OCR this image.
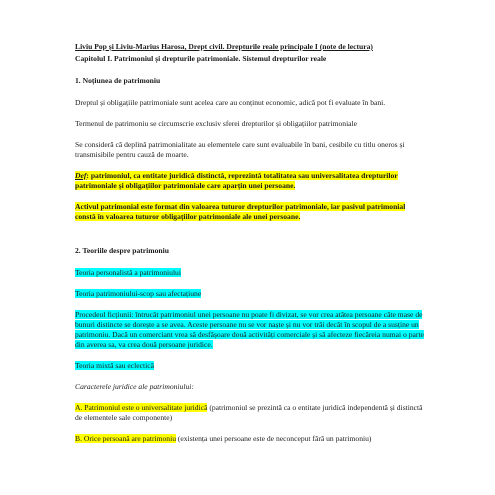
Liviu Pop și Liviu-Marius Harosa, Drept civil. Drepturile reale principale I (note de lectura)

Capitolul I. Patrimoniul și drepturile patrimoniale. Sistemul drepturilor reale

1. Noțiunea de patrimoniu

Dreptul și obligațiile patrimoniale sunt acelea care au conținut economic, adică pot fi evaluate în bani.

Termenul de patrimoniu se circumscrie exclusiv sferei drepturilor și obligațiilor patrimoniale

Se consideră că deplină patrimonialitate au elementele care sunt evaluabile în bani, cesibile cu titlu oneros și transmisibile pentru cauză de moarte.

Def: patrimoniul, ca entitate juridică distinctă, reprezintă totalitatea sau universalitatea drepturilor patrimoniale și obligațiilor patrimoniale care aparțin unei persoane.

Activul patrimonial este format din valoarea tuturor drepturilor patrimoniale, iar pasivul patrimonial constă în valoarea tuturor obligațiilor patrimoniale ale unei persoane.

2. Teoriile despre patrimoniu

Teoria personalistă a patrimoniului

Teoria patrimoniului-scop sau afectațiune

Procedeul ficțiunii: întrucât patrimoniul unei persoane nu poate fi divizat, se vor crea atâtea persoane câte mase de bunuri distincte se dorește a se avea. Aceste persoane nu se vor naște și nu vor trăi decât în scopul de a susține un patrimoniu. Dacă un comerciant vrea să desfășoare două activități comerciale și să afecteze fiecăreia numai o parte din averea sa, va crea două persoane juridice.

Teoria mixtă sau eclectică

Caracterele juridice ale patrimoniului:

A. Patrimoniul este o universalitate juridică (patrimoniul se prezintă ca o entitate juridică independentă și distinctă de elementele sale componente)

B. Orice persoană are patrimoniu (existența unei persoane este de neconceput fără un patrimoniu)
